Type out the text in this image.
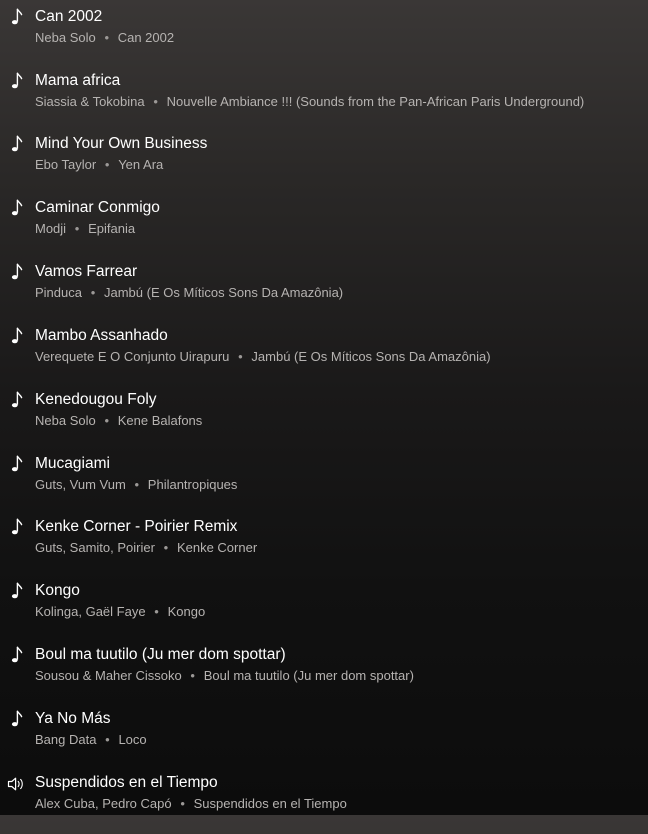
Can 2002
Neba Solo • Can 2002
Mama africa
Siassia & Tokobina • Nouvelle Ambiance !!! (Sounds from the Pan-African Paris Underground)
Mind Your Own Business
Ebo Taylor • Yen Ara
Caminar Conmigo
Modji • Epifania
Vamos Farrear
Pinduca • Jambú (E Os Míticos Sons Da Amazônia)
Mambo Assanhado
Verequete E O Conjunto Uirapuru • Jambú (E Os Míticos Sons Da Amazônia)
Kenedougou Foly
Neba Solo • Kene Balafons
Mucagiami
Guts, Vum Vum • Philantropiques
Kenke Corner - Poirier Remix
Guts, Samito, Poirier • Kenke Corner
Kongo
Kolinga, Gaël Faye • Kongo
Boul ma tuutilo (Ju mer dom spottar)
Sousou & Maher Cissoko • Boul ma tuutilo (Ju mer dom spottar)
Ya No Más
Bang Data • Loco
Suspendidos en el Tiempo
Alex Cuba, Pedro Capó • Suspendidos en el Tiempo
